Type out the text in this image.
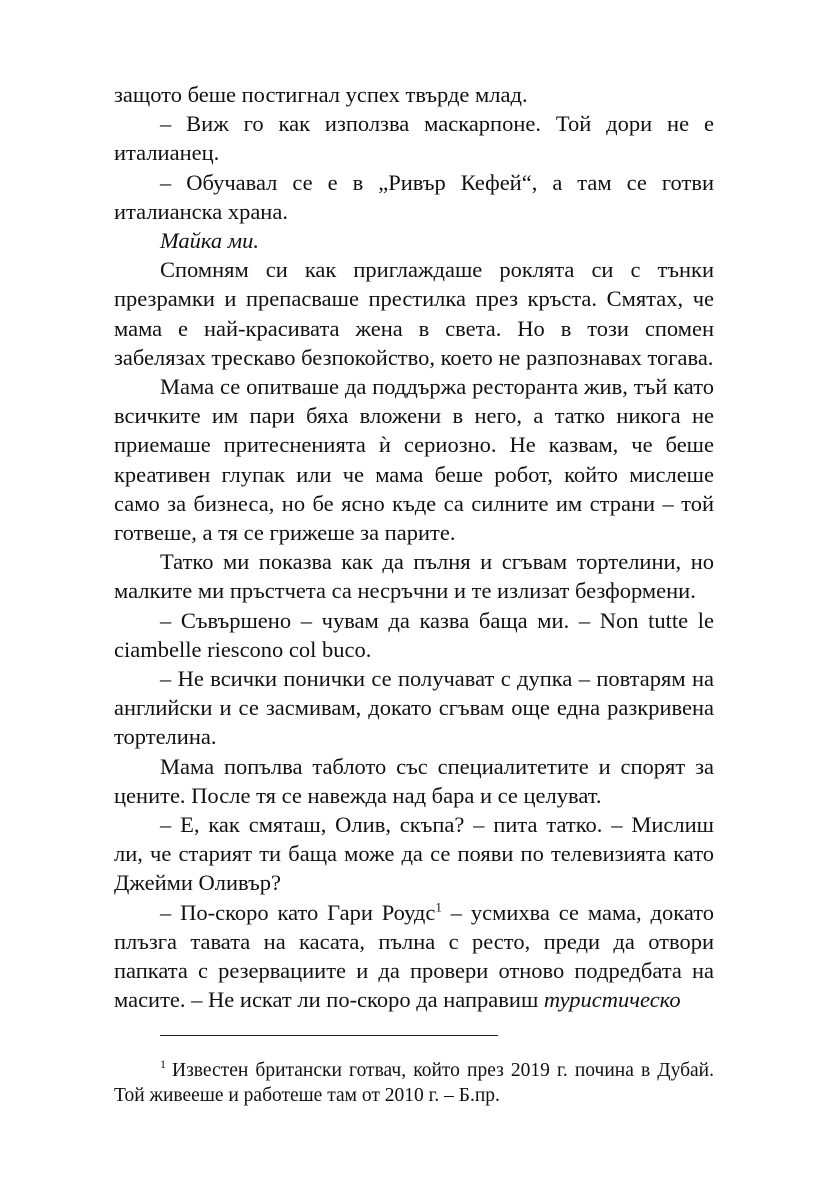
защото беше постигнал успех твърде млад.

– Виж го как използва маскарпоне. Той дори не е италианец.

– Обучавал се е в „Ривър Кефей“, а там се готви италианска храна.

Майка ми.

Спомням си как приглаждаше роклята си с тънки презрамки и препасваше престилка през кръста. Смятах, че мама е най-красивата жена в света. Но в този спомен забелязах трескаво безпокойство, което не разпознавах тогава.

Мама се опитваше да поддържа ресторанта жив, тъй като всичките им пари бяха вложени в него, а татко никога не приемаше притесненията ѝ сериозно. Не казвам, че беше креативен глупак или че мама беше робот, който мислеше само за бизнеса, но бе ясно къде са силните им страни – той готвеше, а тя се грижеше за парите.

Татко ми показва как да пълня и сгъвам тортелини, но малките ми пръстчета са несръчни и те излизат безформени.

– Съвършено – чувам да казва баща ми. – Non tutte le ciambelle riescono col buco.

– Не всички понички се получават с дупка – повтарям на английски и се засмивам, докато сгъвам още една разкривена тортелина.

Мама попълва таблото със специалитетите и спорят за цените. После тя се навежда над бара и се целуват.

– Е, как смяташ, Олив, скъпа? – пита татко. – Мислиш ли, че старият ти баща може да се появи по телевизията като Джейми Оливър?

– По-скоро като Гари Роудс$^1$ – усмихва се мама, докато плъзга тавата на касата, пълна с ресто, преди да отвори папката с резервациите и да провери отново подредбата на масите. – Не искат ли по-скоро да направиш туристическо

$^1$ Известен британски готвач, който през 2019 г. почина в Дубай. Той живееше и работеше там от 2010 г. – Б.пр.
